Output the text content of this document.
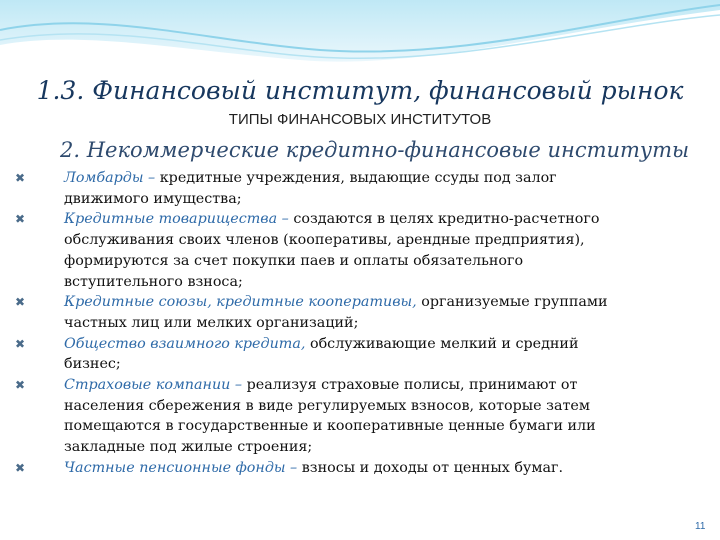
1.3. Финансовый институт, финансовый рынок
ТИПЫ ФИНАНСОВЫХ ИНСТИТУТОВ
2. Некоммерческие кредитно-финансовые институты
✖	Ломбарды – кредитные учреждения, выдающие ссуды под залог
движимого имущества;
✖	Кредитные товарищества – создаются в целях кредитно-расчетного
обслуживания своих членов (кооперативы, арендные предприятия),
формируются за счет покупки паев и оплаты обязательного
вступительного взноса;
✖	Кредитные союзы, кредитные кооперативы, организуемые группами
частных лиц или мелких организаций;
✖	Общество взаимного кредита, обслуживающие мелкий и средний
бизнес;
✖	Страховые компании – реализуя страховые полисы, принимают от
населения сбережения в виде регулируемых взносов, которые затем
помещаются в государственные и кооперативные ценные бумаги или
закладные под жилые строения;
✖	Частные пенсионные фонды – взносы и доходы от ценных бумаг.
11
